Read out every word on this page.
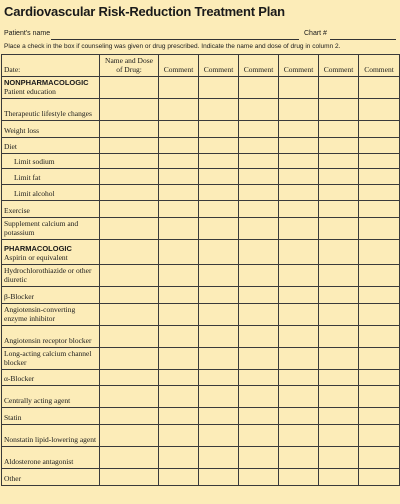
Cardiovascular Risk-Reduction Treatment Plan
Patient's name	Chart #
Place a check in the box if counseling was given or drug prescribed. Indicate the name and dose of drug in column 2.
Date:	Name and Dose of Drug:	Comment	Comment	Comment	Comment	Comment	Comment

NONPHARMACOLOGIC
Patient education							
Therapeutic lifestyle changes							
Weight loss							
Diet							
Limit sodium							
Limit fat							
Limit alcohol							
Exercise							
Supplement calcium and potassium							

PHARMACOLOGIC
Aspirin or equivalent							
Hydrochlorothiazide or other diuretic							
β-Blocker							
Angiotensin-converting enzyme inhibitor							
Angiotensin receptor blocker							
Long-acting calcium channel blocker							
α-Blocker							
Centrally acting agent							
Statin							
Nonstatin lipid-lowering agent							
Aldosterone antagonist							
Other							
